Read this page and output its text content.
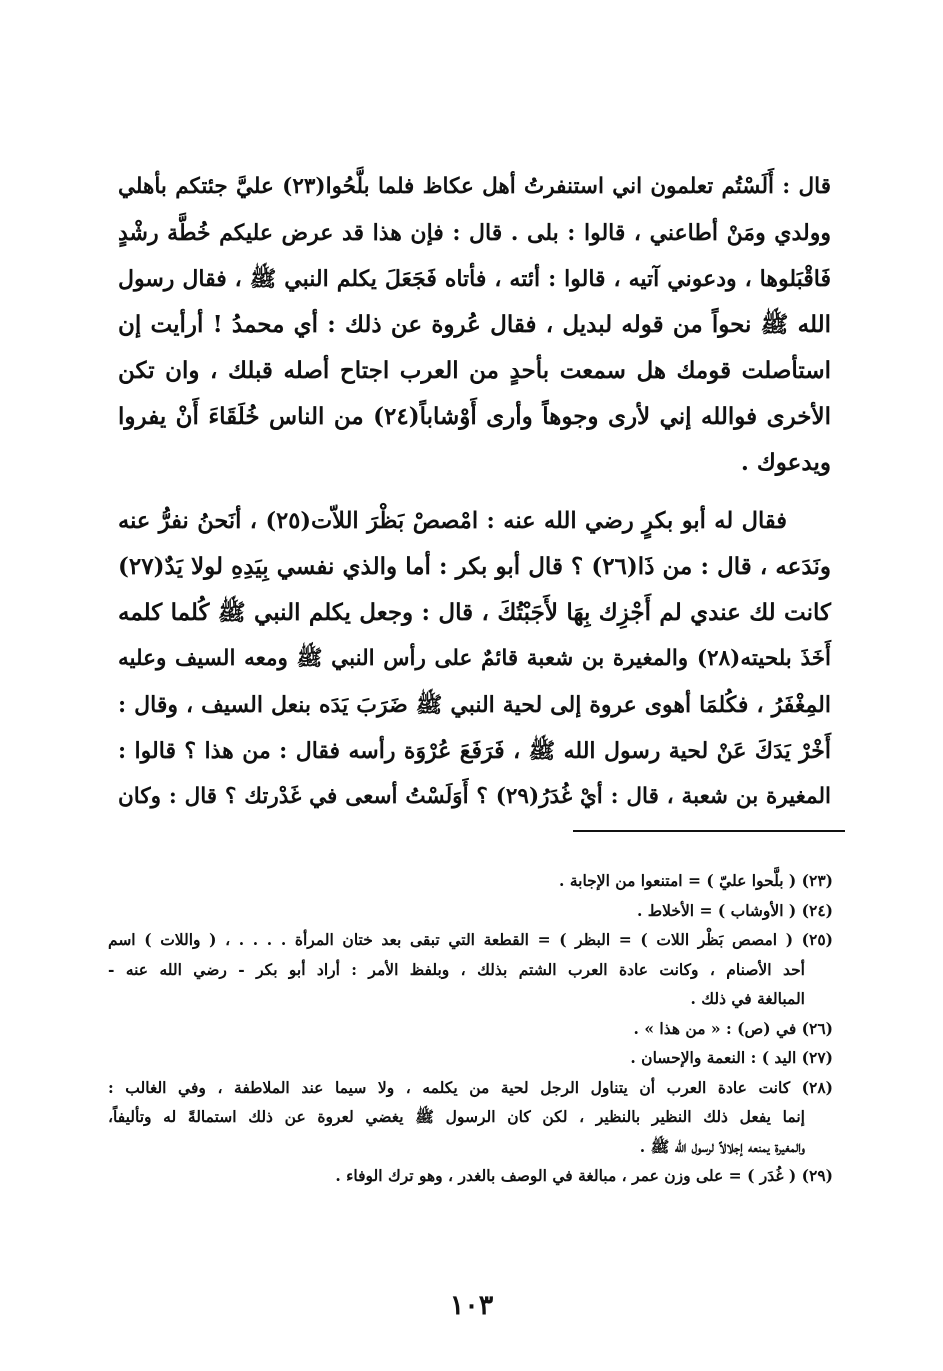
قال : أَلَسْتُم تعلمون اني استنفرتُ أهل عكاظ فلما بلَّحُوا(٢٣) عليَّ جئتكم بأهلي
وولدي ومَنْ أطاعني ، قالوا : بلى . قال : فإن هذا قد عرض عليكم خُطَّة رشْدٍ
فَاقْبَلوها ، ودعوني آتيه ، قالوا : أئته ، فأتاه فَجَعَلَ يكلم النبي ﷺ ، فقال رسول
الله ﷺ نحواً من قوله لبديل ، فقال عُروة عن ذلك : أي محمدُ ! أرأيت إن
استأصلت قومك هل سمعت بأحدٍ من العرب اجتاح أصله قبلك ، وان تكن
الأخرى فوالله إني لأرى وجوهاً وأرى أَوْشاباً(٢٤) من الناس خُلَقَاءَ أَنْ يفروا
ويدعوك .
فقال له أبو بكرٍ رضي الله عنه : امْصصْ بَظْرَ اللاّت(٢٥) ، أنَحنُ نفرُّ عنه
ونَدَعه ، قال : من ذَا(٢٦) ؟ قال أبو بكر : أما والذي نفسي بِيَدِهِ لولا يَدٌ(٢٧)
كانت لك عندي لم أَجْزِك بِهَا لأَجَبْتُكَ ، قال : وجعل يكلم النبي ﷺ كُلما كلمه
أَخَذَ بلحيته(٢٨) والمغيرة بن شعبة قائمٌ على رأس النبي ﷺ ومعه السيف وعليه
المِغْفَرُ ، فكُلمَا أهوى عروة إلى لحية النبي ﷺ ضَرَبَ يَدَه بنعل السيف ، وقال :
أَخْرْ يَدَكَ عَنْ لحية رسول الله ﷺ ، فَرَفَعَ عُرْوَة رأسه فقال : من هذا ؟ قالوا :
المغيرة بن شعبة ، قال : أيْ غُدَرُ(٢٩) ؟ أَوَلَسْتُ أسعى في غَدْرتك ؟ قال : وكان
(٢٣) ( بلَّحوا عليّ ) = امتنعوا من الإجابة .
(٢٤) ( الأوشاب ) = الأخلاط .
(٢٥) ( امصص بَظْر اللات ) = البظر ) = القطعة التي تبقى بعد ختان المرأة . . . . ، ( واللات ) اسم
أحد الأصنام ، وكانت عادة العرب الشتم بذلك ، وبلفظ الأمر : أراد أبو بكر - رضي الله عنه -
المبالغة في ذلك .
(٢٦) في (ص) : « من هذا » .
(٢٧) اليد ) : النعمة والإحسان .
(٢٨) كانت عادة العرب أن يتناول الرجل لحية من يكلمه ، ولا سيما عند الملاطفة ، وفي الغالب :
إنما يفعل ذلك النظير بالنظير ، لكن كان الرسول ﷺ يغضي لعروة عن ذلك استمالةً له وتأليفاً،
والمغيرة يمنعه إجلالاً لرسول الله ﷺ .
(٢٩) ( غُدَر ) = على وزن عمر ، مبالغة في الوصف بالغدر ، وهو ترك الوفاء .
١٠٣
